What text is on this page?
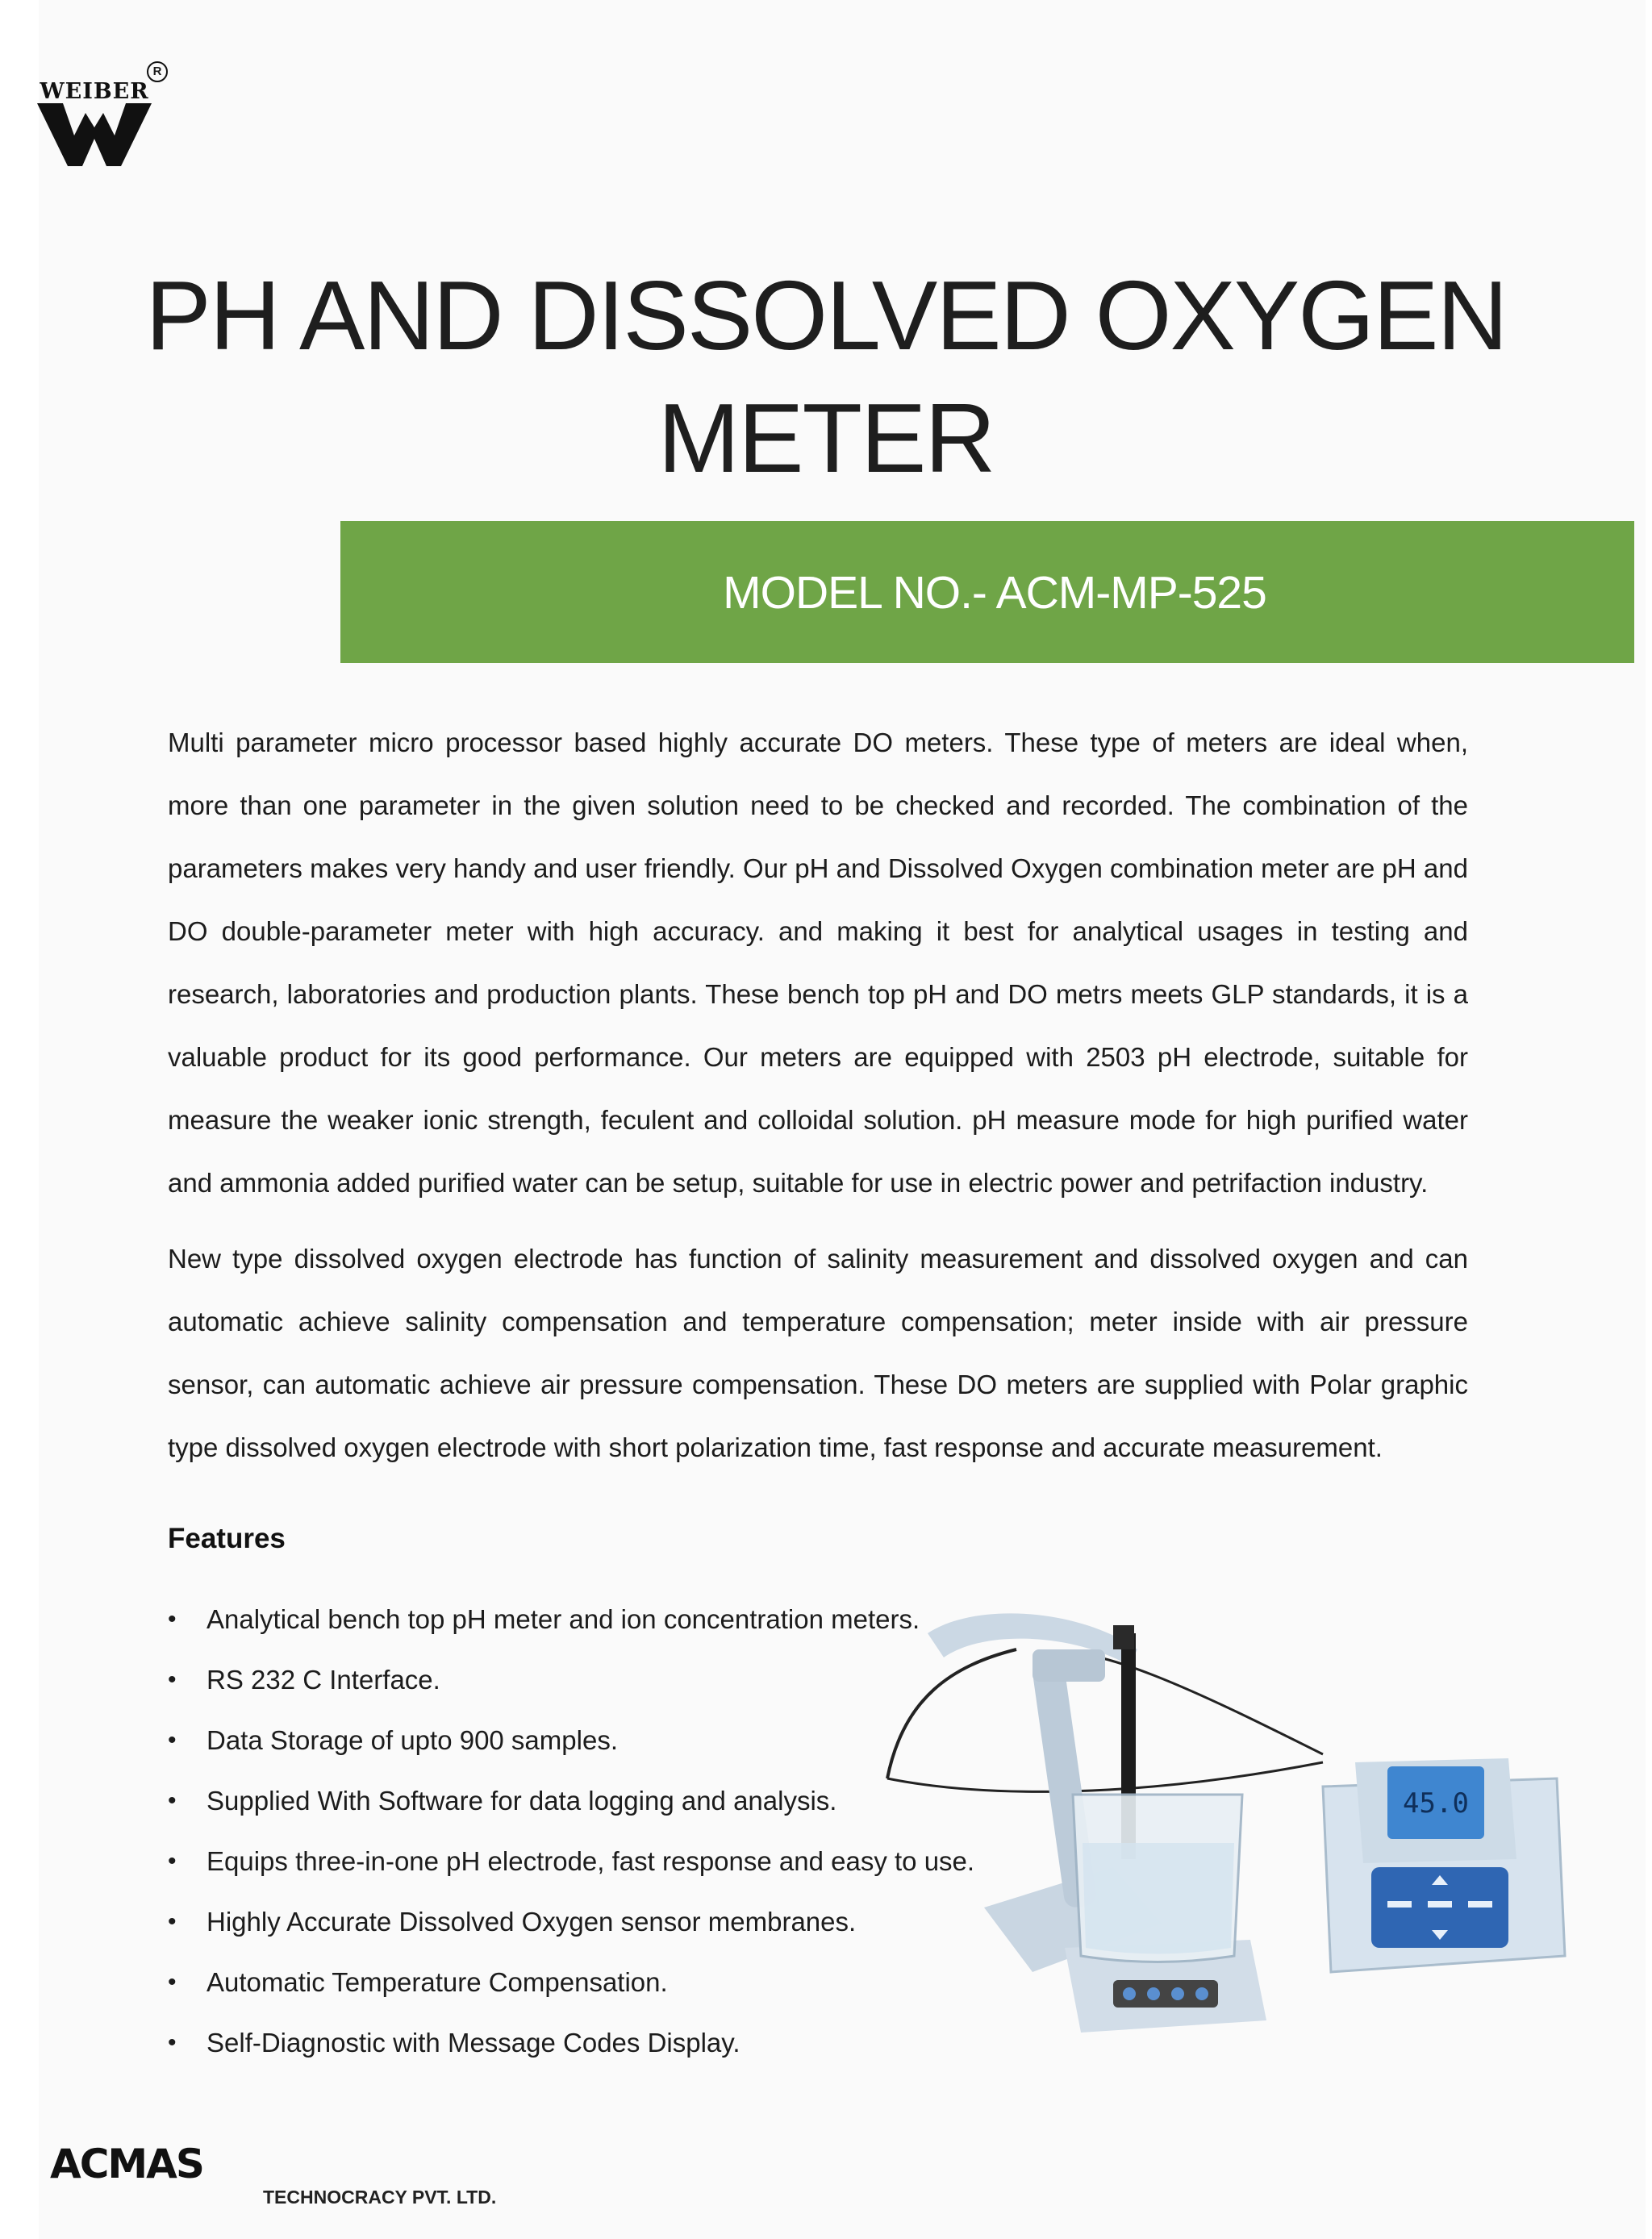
WEIBER
R
PH AND DISSOLVED OXYGEN
METER
MODEL NO.- ACM-MP-525

Multi parameter micro processor based highly accurate DO meters. These type of meters are ideal when, more than one parameter in the given solution need to be checked and recorded. The combination of the parameters makes very handy and user friendly. Our pH and Dissolved Oxygen combination meter are pH and DO double-parameter meter with high accuracy. and making it best for analytical usages in testing and research, laboratories and production plants. These bench top pH and DO metrs meets GLP standards, it is a valuable product for its good performance. Our meters are equipped with 2503 pH electrode, suitable for measure the weaker ionic strength, feculent and colloidal solution. pH measure mode for high purified water and ammonia added purified water can be setup, suitable for use in electric power and petrifaction industry.

New type dissolved oxygen electrode has function of salinity measurement and dissolved oxygen and can automatic achieve salinity compensation and temperature compensation; meter inside with air pressure sensor, can automatic achieve air pressure compensation. These DO meters are supplied with Polar graphic type dissolved oxygen electrode with short polarization time, fast response and accurate measurement.

Features
• Analytical bench top pH meter and ion concentration meters.
• RS 232 C Interface.
• Data Storage of upto 900 samples.
• Supplied With Software for data logging and analysis.
• Equips three-in-one pH electrode, fast response and easy to use.
• Highly Accurate Dissolved Oxygen sensor membranes.
• Automatic Temperature Compensation.
• Self-Diagnostic with Message Codes Display.
45.0
ACMAS
TECHNOCRACY PVT. LTD.
